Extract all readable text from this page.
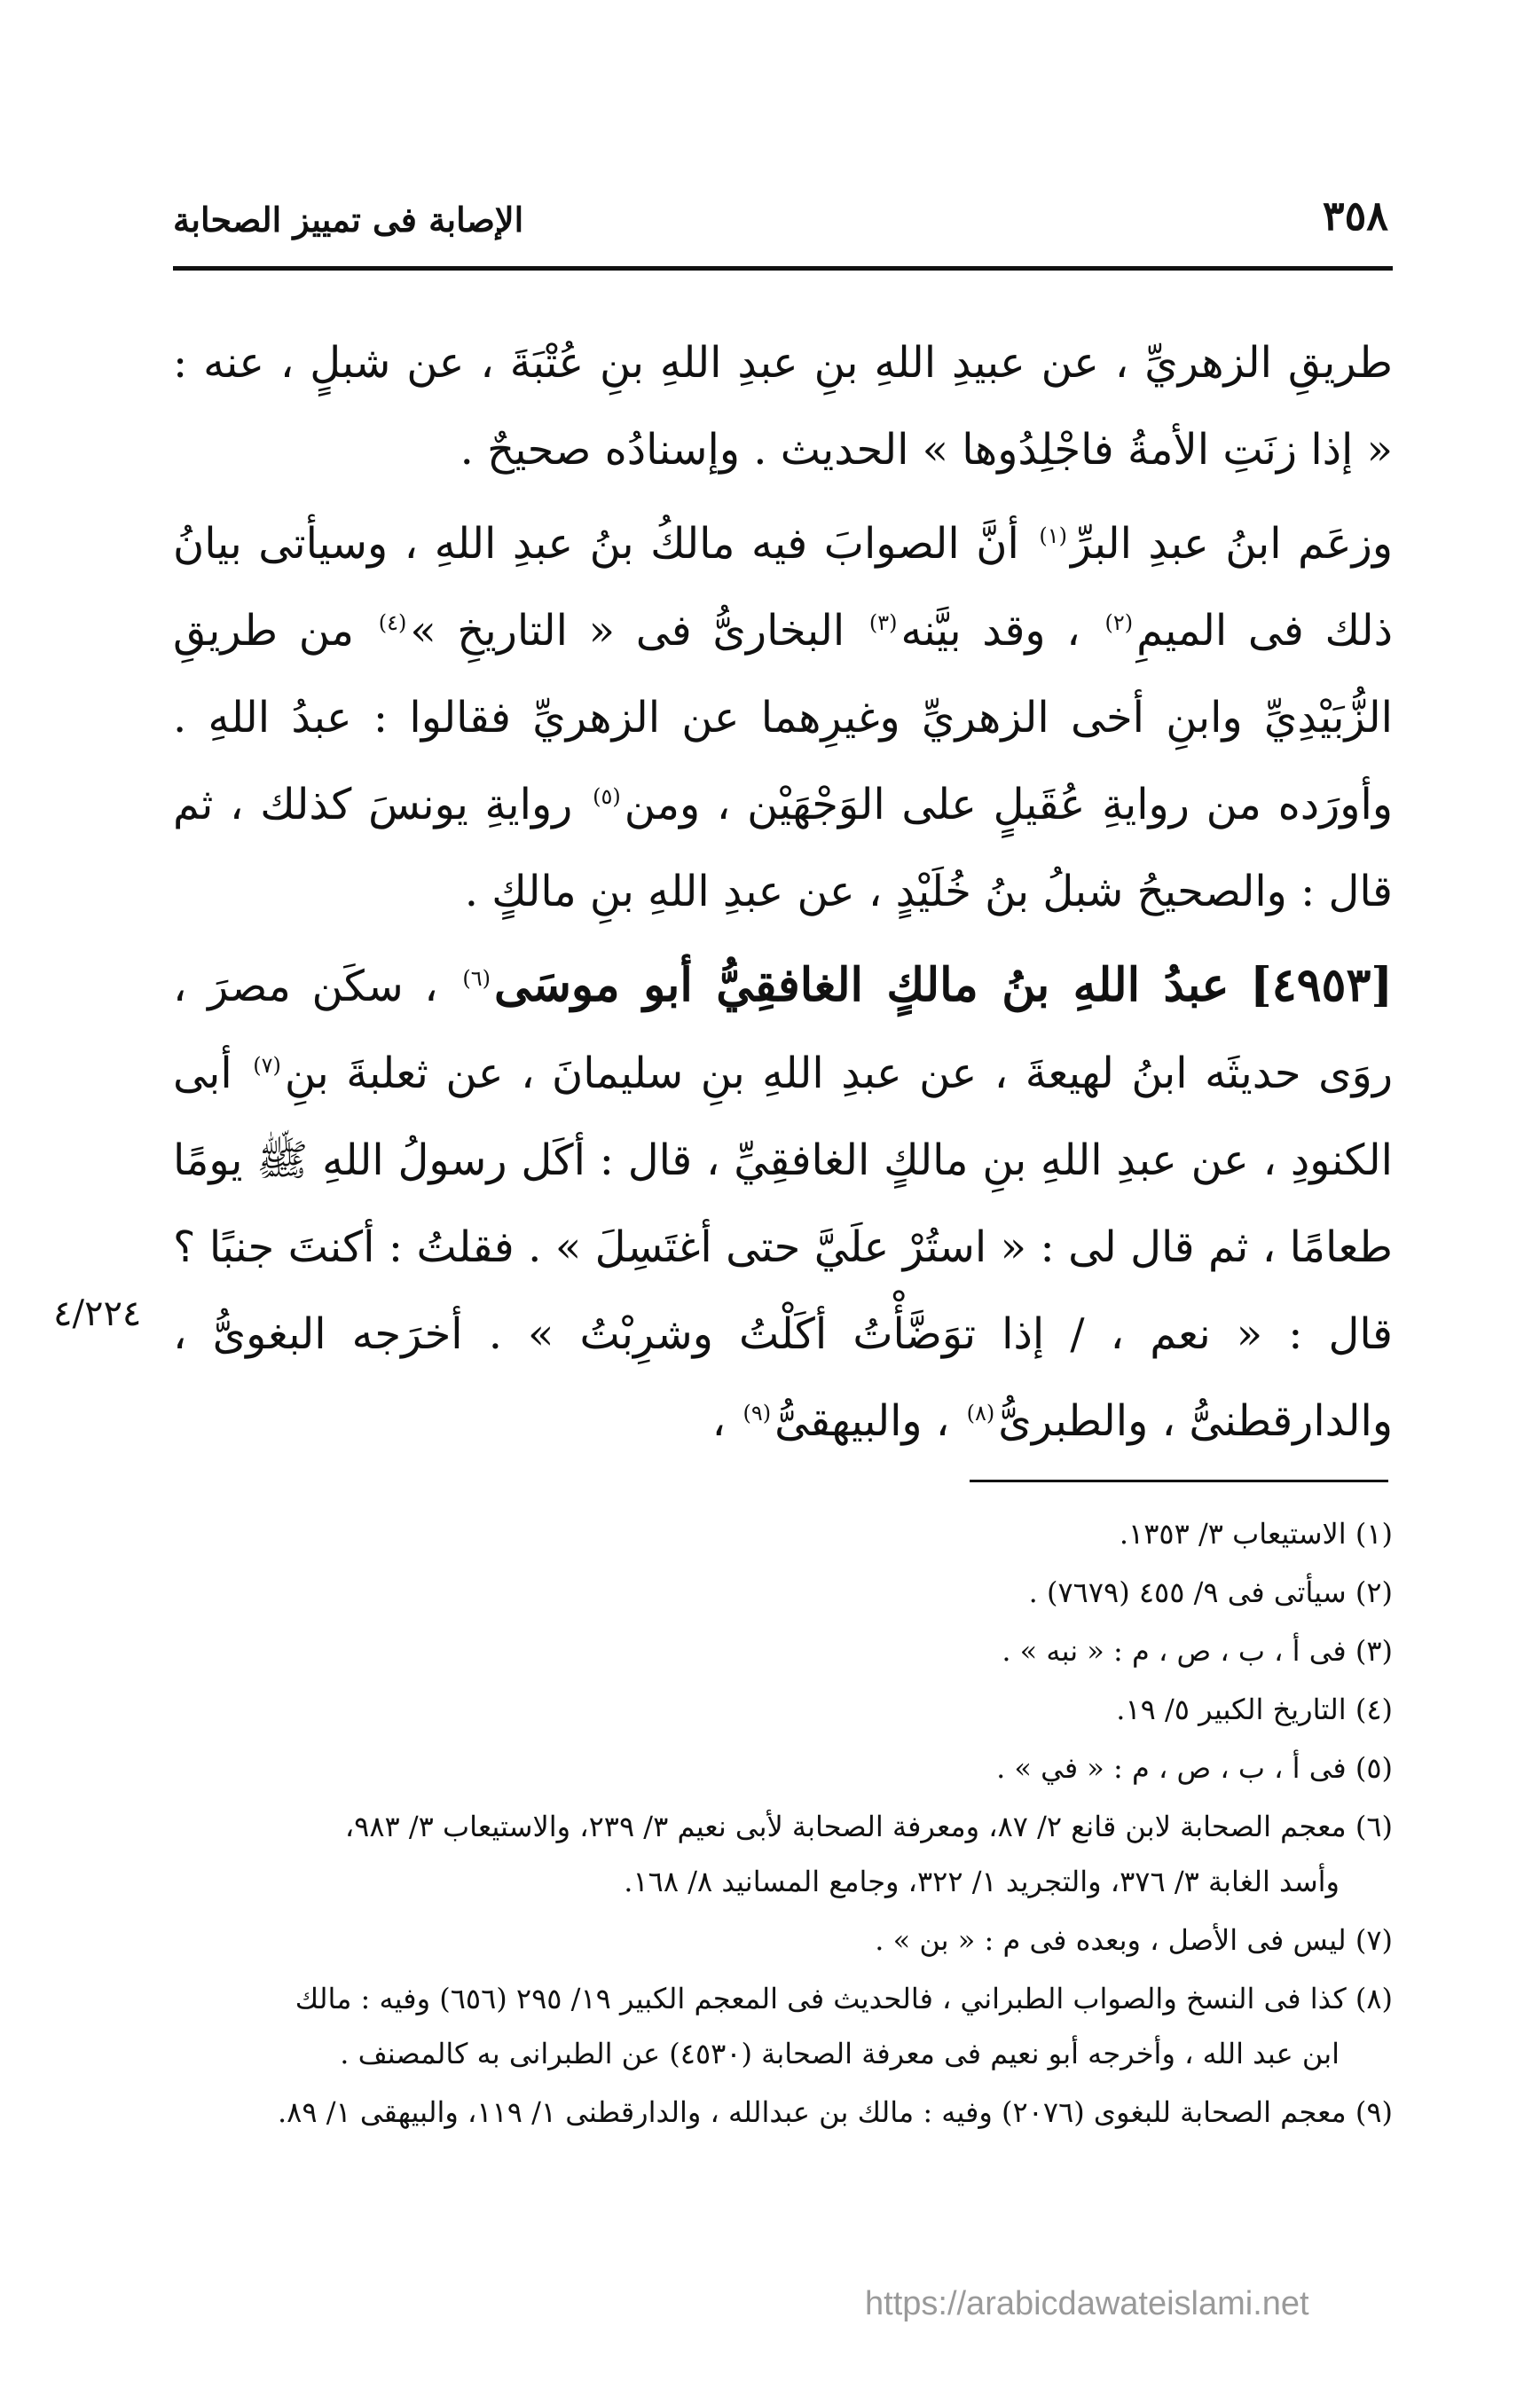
٣٥٨
الإصابة فى تمييز الصحابة

طريقِ الزهريِّ ، عن عبيدِ اللهِ بنِ عبدِ اللهِ بنِ عُتْبَةَ ، عن شبلٍ ، عنه : « إذا زنَتِ الأمةُ فاجْلِدُوها » الحديث . وإسنادُه صحيحٌ .

وزعَم ابنُ عبدِ البرِّ$^{(١)}$ أنَّ الصوابَ فيه مالكُ بنُ عبدِ اللهِ ، وسيأتى بيانُ ذلك فى الميمِ$^{(٢)}$ ، وقد بيَّنه$^{(٣)}$ البخارىُّ فى « التاريخِ »$^{(٤)}$ من طريقِ الزُّبَيْدِيِّ وابنِ أخى الزهريِّ وغيرِهما عن الزهريِّ فقالوا : عبدُ اللهِ . وأورَده من روايةِ عُقَيلٍ على الوَجْهَيْن ، ومن$^{(٥)}$ روايةِ يونسَ كذلك ، ثم قال : والصحيحُ شبلُ بنُ خُلَيْدٍ ، عن عبدِ اللهِ بنِ مالكٍ .

[٤٩٥٣] عبدُ اللهِ بنُ مالكٍ الغافقِيُّ أبو موسَى$^{(٦)}$ ، سكَن مصرَ ، روَى حديثَه ابنُ لهيعةَ ، عن عبدِ اللهِ بنِ سليمانَ ، عن ثعلبةَ بنِ$^{(٧)}$ أبى الكنودِ ، عن عبدِ اللهِ بنِ مالكٍ الغافقِيِّ ، قال : أكَل رسولُ اللهِ ﷺ يومًا طعامًا ، ثم قال لى : « استُرْ علَيَّ حتى أغتَسِلَ » . فقلتُ : أكنتَ جنبًا ؟ قال : « نعم ، / إذا توَضَّأْتُ أكَلْتُ وشرِبْتُ » . أخرَجه البغوىُّ ، والدارقطنىُّ ، والطبرىُّ$^{(٨)}$ ، والبيهقىُّ$^{(٩)}$ ،

٤/٢٢٤
(١) الاستيعاب ٣/ ١٣٥٣.
(٢) سيأتى فى ٩/ ٤٥٥ (٧٦٧٩) .
(٣) فى أ ، ب ، ص ، م : « نبه » .
(٤) التاريخ الكبير ٥/ ١٩.
(٥) فى أ ، ب ، ص ، م : « في » .
(٦) معجم الصحابة لابن قانع ٢/ ٨٧، ومعرفة الصحابة لأبى نعيم ٣/ ٢٣٩، والاستيعاب ٣/ ٩٨٣،
وأسد الغابة ٣/ ٣٧٦، والتجريد ١/ ٣٢٢، وجامع المسانيد ٨/ ١٦٨.
(٧) ليس فى الأصل ، وبعده فى م : « بن » .
(٨) كذا فى النسخ والصواب الطبراني ، فالحديث فى المعجم الكبير ١٩/ ٢٩٥ (٦٥٦) وفيه : مالك
ابن عبد الله ، وأخرجه أبو نعيم فى معرفة الصحابة (٤٥٣٠) عن الطبرانى به كالمصنف .
(٩) معجم الصحابة للبغوى (٢٠٧٦) وفيه : مالك بن عبدالله ، والدارقطنى ١/ ١١٩، والبيهقى ١/ ٨٩.
https://arabicdawateislami.net
